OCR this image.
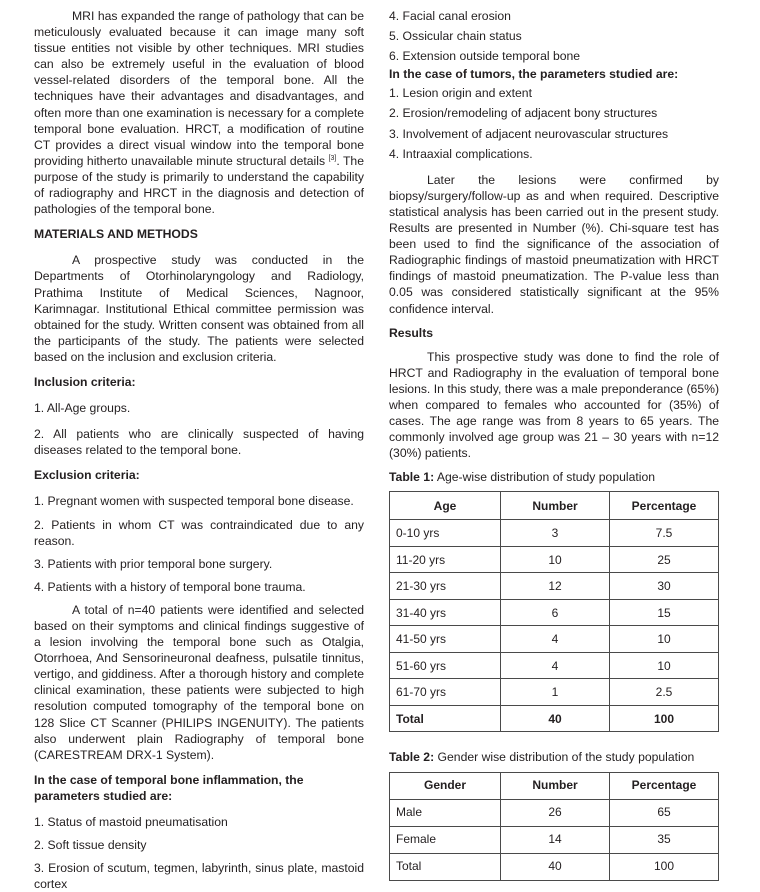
MRI has expanded the range of pathology that can be meticulously evaluated because it can image many soft tissue entities not visible by other techniques. MRI studies can also be extremely useful in the evaluation of blood vessel-related disorders of the temporal bone. All the techniques have their advantages and disadvantages, and often more than one examination is necessary for a complete temporal bone evaluation. HRCT, a modification of routine CT provides a direct visual window into the temporal bone providing hitherto unavailable minute structural details [3]. The purpose of the study is primarily to understand the capability of radiography and HRCT in the diagnosis and detection of pathologies of the temporal bone.

MATERIALS AND METHODS

A prospective study was conducted in the Departments of Otorhinolaryngology and Radiology, Prathima Institute of Medical Sciences, Nagnoor, Karimnagar. Institutional Ethical committee permission was obtained for the study. Written consent was obtained from all the participants of the study. The patients were selected based on the inclusion and exclusion criteria.

Inclusion criteria:

1. All-Age groups.

2. All patients who are clinically suspected of having diseases related to the temporal bone.

Exclusion criteria:

1. Pregnant women with suspected temporal bone disease.

2. Patients in whom CT was contraindicated due to any reason.

3. Patients with prior temporal bone surgery.

4. Patients with a history of temporal bone trauma.

A total of n=40 patients were identified and selected based on their symptoms and clinical findings suggestive of a lesion involving the temporal bone such as Otalgia, Otorrhoea, And Sensorineuronal deafness, pulsatile tinnitus, vertigo, and giddiness. After a thorough history and complete clinical examination, these patients were subjected to high resolution computed tomography of the temporal bone on 128 Slice CT Scanner (PHILIPS INGENUITY). The patients also underwent plain Radiography of temporal bone (CARESTREAM DRX-1 System).

In the case of temporal bone inflammation, the parameters studied are:

1. Status of mastoid pneumatisation

2. Soft tissue density

3. Erosion of scutum, tegmen, labyrinth, sinus plate, mastoid cortex

4. Facial canal erosion

5. Ossicular chain status

6. Extension outside temporal bone

In the case of tumors, the parameters studied are:

1. Lesion origin and extent

2. Erosion/remodeling of adjacent bony structures

3. Involvement of adjacent neurovascular structures

4. Intraaxial complications.

Later the lesions were confirmed by biopsy/surgery/follow-up as and when required. Descriptive statistical analysis has been carried out in the present study. Results are presented in Number (%). Chi-square test has been used to find the significance of the association of Radiographic findings of mastoid pneumatization with HRCT findings of mastoid pneumatization. The P-value less than 0.05 was considered statistically significant at the 95% confidence interval.

Results

This prospective study was done to find the role of HRCT and Radiography in the evaluation of temporal bone lesions. In this study, there was a male preponderance (65%) when compared to females who accounted for (35%) of cases. The age range was from 8 years to 65 years. The commonly involved age group was 21 – 30 years with n=12 (30%) patients.

Table 1: Age-wise distribution of study population

Age	Number	Percentage
0-10 yrs	3	7.5
11-20 yrs	10	25
21-30 yrs	12	30
31-40 yrs	6	15
41-50 yrs	4	10
51-60 yrs	4	10
61-70 yrs	1	2.5
Total	40	100

Table 2: Gender wise distribution of the study population

Gender	Number	Percentage
Male	26	65
Female	14	35
Total	40	100
